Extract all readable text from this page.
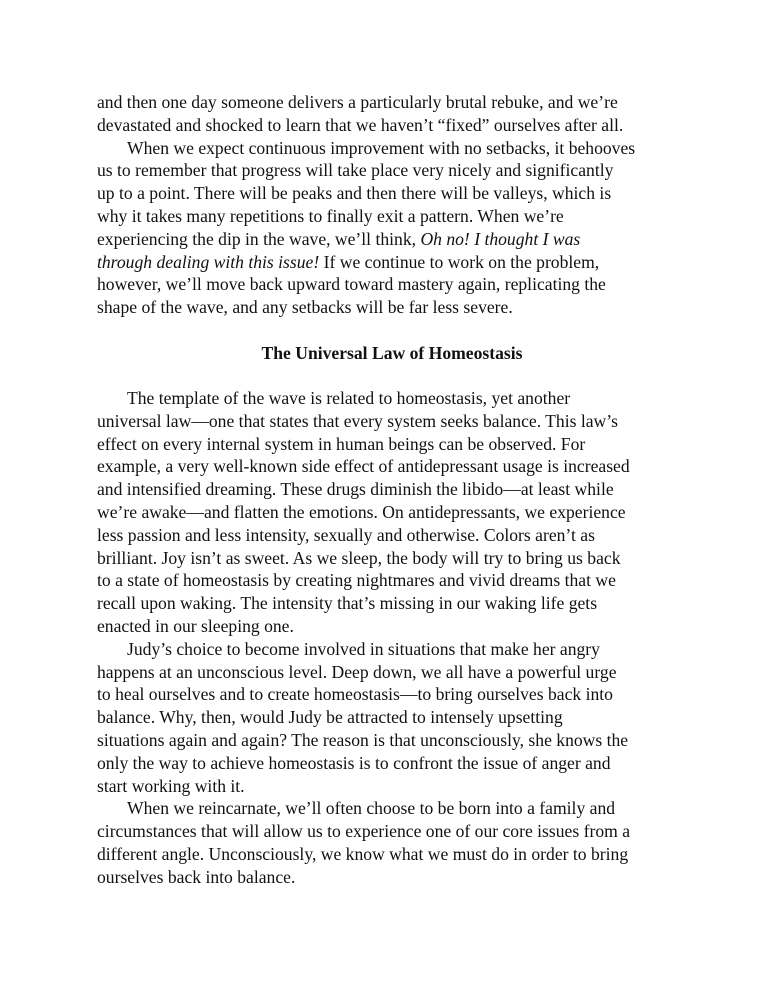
and then one day someone delivers a particularly brutal rebuke, and we’re
devastated and shocked to learn that we haven’t “fixed” ourselves after all.

When we expect continuous improvement with no setbacks, it behooves
us to remember that progress will take place very nicely and significantly
up to a point. There will be peaks and then there will be valleys, which is
why it takes many repetitions to finally exit a pattern. When we’re
experiencing the dip in the wave, we’ll think, Oh no! I thought I was
through dealing with this issue! If we continue to work on the problem,
however, we’ll move back upward toward mastery again, replicating the
shape of the wave, and any setbacks will be far less severe.

The Universal Law of Homeostasis

The template of the wave is related to homeostasis, yet another
universal law—one that states that every system seeks balance. This law’s
effect on every internal system in human beings can be observed. For
example, a very well-known side effect of antidepressant usage is increased
and intensified dreaming. These drugs diminish the libido—at least while
we’re awake—and flatten the emotions. On antidepressants, we experience
less passion and less intensity, sexually and otherwise. Colors aren’t as
brilliant. Joy isn’t as sweet. As we sleep, the body will try to bring us back
to a state of homeostasis by creating nightmares and vivid dreams that we
recall upon waking. The intensity that’s missing in our waking life gets
enacted in our sleeping one.

Judy’s choice to become involved in situations that make her angry
happens at an unconscious level. Deep down, we all have a powerful urge
to heal ourselves and to create homeostasis—to bring ourselves back into
balance. Why, then, would Judy be attracted to intensely upsetting
situations again and again? The reason is that unconsciously, she knows the
only the way to achieve homeostasis is to confront the issue of anger and
start working with it.

When we reincarnate, we’ll often choose to be born into a family and
circumstances that will allow us to experience one of our core issues from a
different angle. Unconsciously, we know what we must do in order to bring
ourselves back into balance.
